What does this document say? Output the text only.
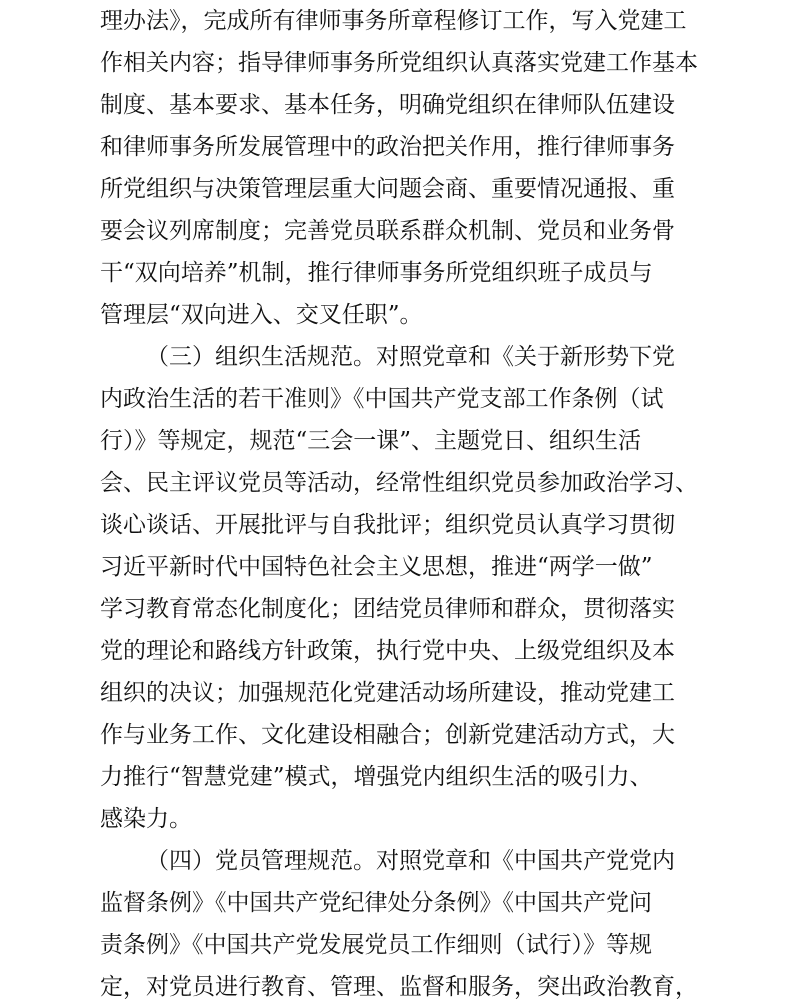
理办法》，完成所有律师事务所章程修订工作，写入党建工
作相关内容；指导律师事务所党组织认真落实党建工作基本
制度、基本要求、基本任务，明确党组织在律师队伍建设
和律师事务所发展管理中的政治把关作用，推行律师事务
所党组织与决策管理层重大问题会商、重要情况通报、重
要会议列席制度；完善党员联系群众机制、党员和业务骨
干“双向培养”机制，推行律师事务所党组织班子成员与
管理层“双向进入、交叉任职”。
（三）组织生活规范。对照党章和《关于新形势下党
内政治生活的若干准则》《中国共产党支部工作条例（试
行）》等规定，规范“三会一课”、主题党日、组织生活
会、民主评议党员等活动，经常性组织党员参加政治学习、
谈心谈话、开展批评与自我批评；组织党员认真学习贯彻
习近平新时代中国特色社会主义思想，推进“两学一做”
学习教育常态化制度化；团结党员律师和群众，贯彻落实
党的理论和路线方针政策，执行党中央、上级党组织及本
组织的决议；加强规范化党建活动场所建设，推动党建工
作与业务工作、文化建设相融合；创新党建活动方式，大
力推行“智慧党建”模式，增强党内组织生活的吸引力、
感染力。
（四）党员管理规范。对照党章和《中国共产党党内
监督条例》《中国共产党纪律处分条例》《中国共产党问
责条例》《中国共产党发展党员工作细则（试行）》等规
定，对党员进行教育、管理、监督和服务，突出政治教育，
